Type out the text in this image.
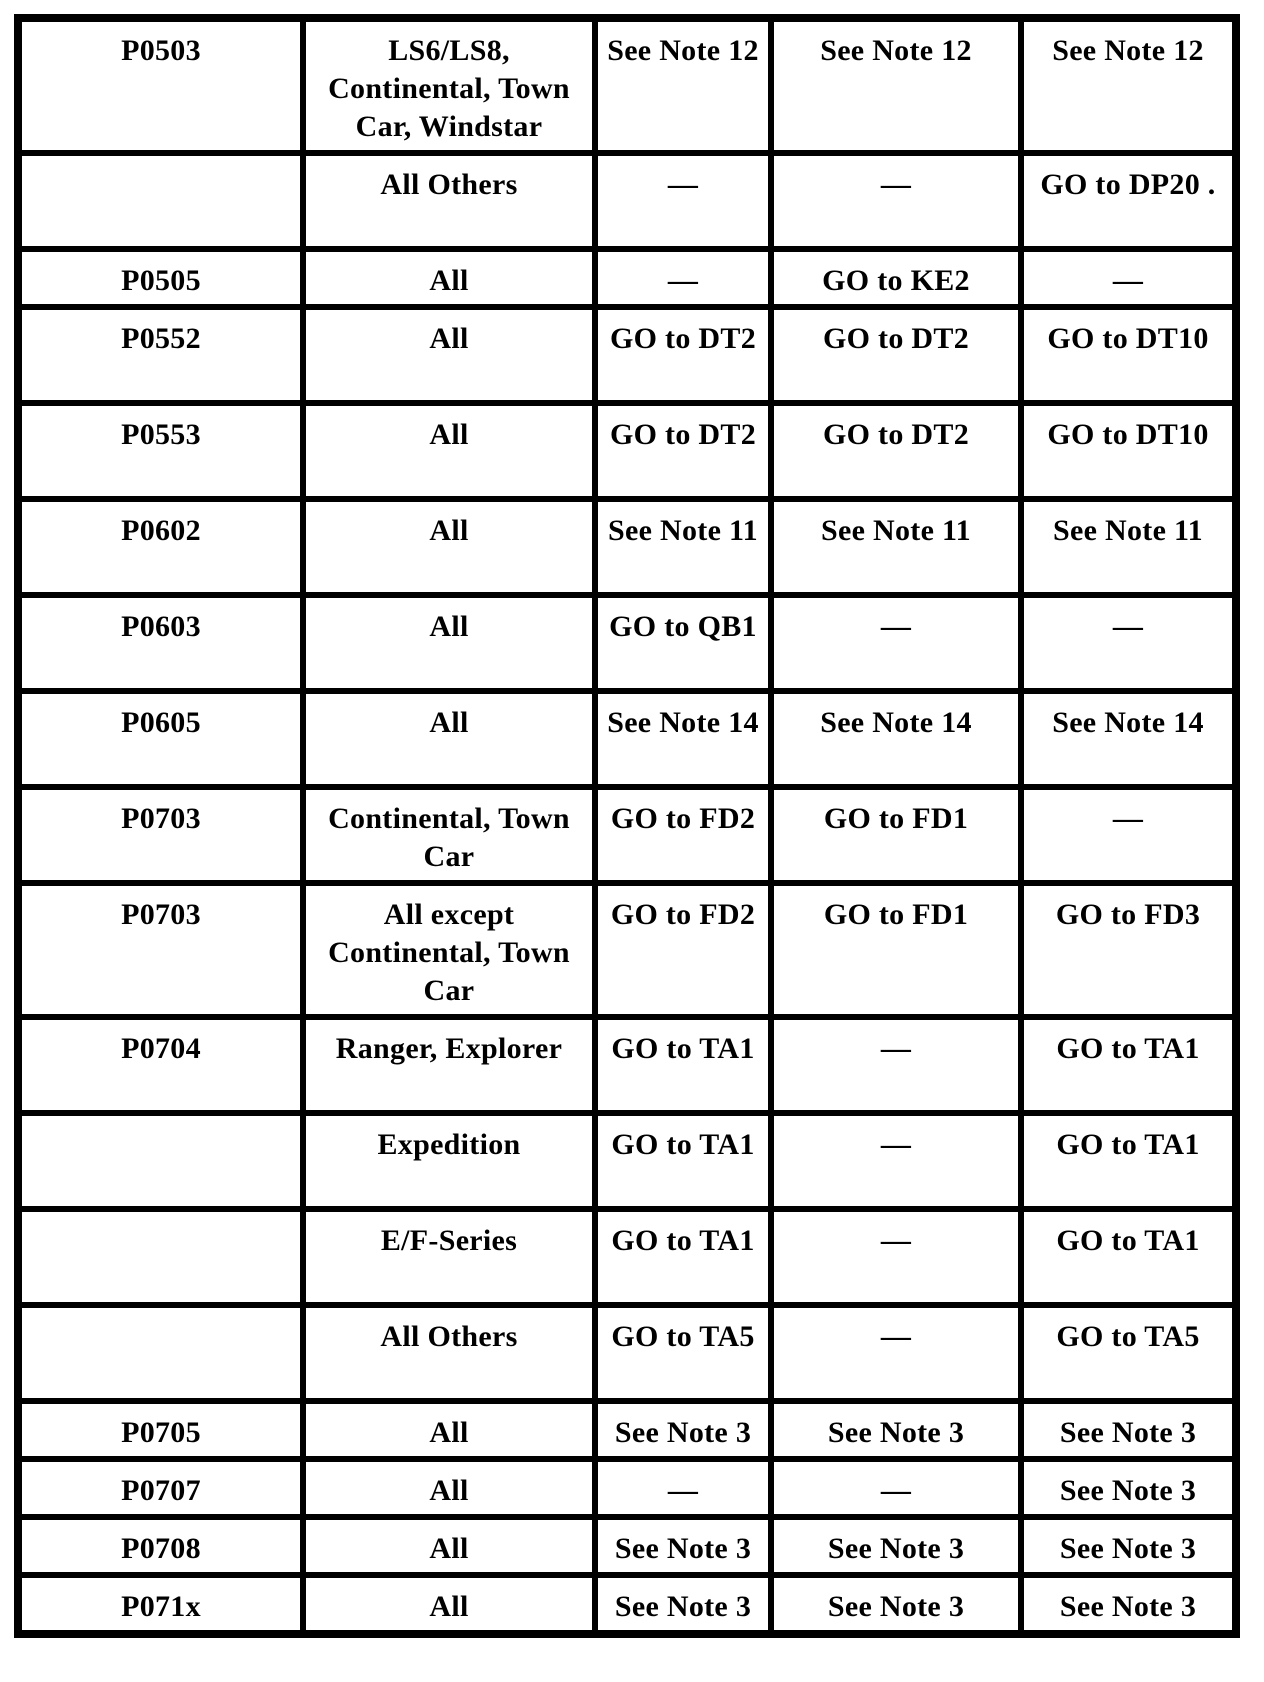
P0503	LS6/LS8, Continental, Town Car, Windstar	See Note 12	See Note 12	See Note 12
	All Others	—	—	GO to DP20 .
P0505	All	—	GO to KE2	—
P0552	All	GO to DT2	GO to DT2	GO to DT10
P0553	All	GO to DT2	GO to DT2	GO to DT10
P0602	All	See Note 11	See Note 11	See Note 11
P0603	All	GO to QB1	—	—
P0605	All	See Note 14	See Note 14	See Note 14
P0703	Continental, Town Car	GO to FD2	GO to FD1	—
P0703	All except Continental, Town Car	GO to FD2	GO to FD1	GO to FD3
P0704	Ranger, Explorer	GO to TA1	—	GO to TA1
	Expedition	GO to TA1	—	GO to TA1
	E/F-Series	GO to TA1	—	GO to TA1
	All Others	GO to TA5	—	GO to TA5
P0705	All	See Note 3	See Note 3	See Note 3
P0707	All	—	—	See Note 3
P0708	All	See Note 3	See Note 3	See Note 3
P071x	All	See Note 3	See Note 3	See Note 3
